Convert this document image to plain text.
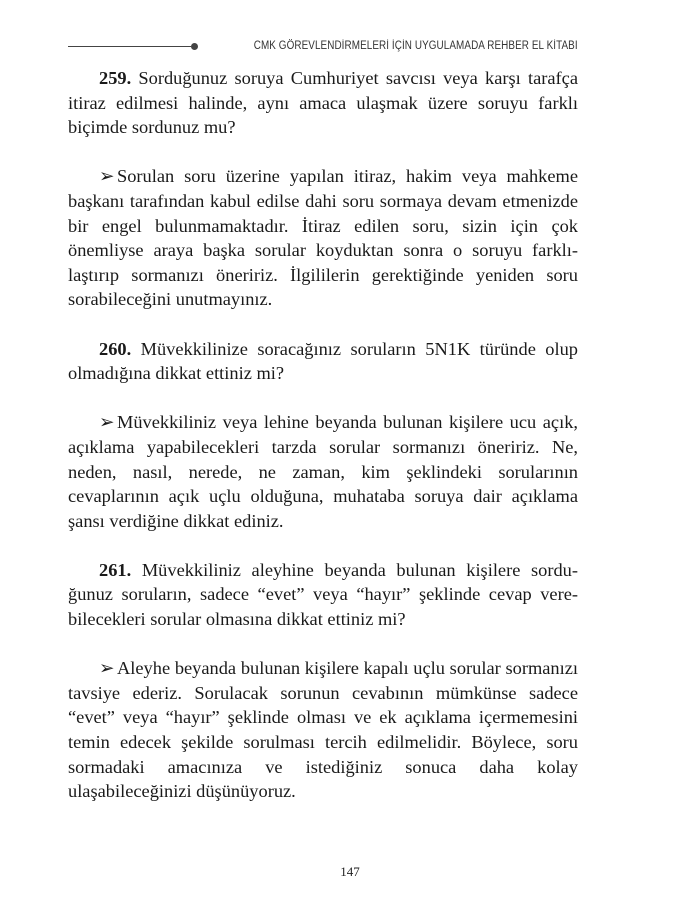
CMK GÖREVLENDİRMELERİ İÇİN UYGULAMADA REHBER EL KİTABI

259. Sorduğunuz soruya Cumhuriyet savcısı veya karşı tarafça itiraz edilmesi halinde, aynı amaca ulaşmak üzere soruyu farklı biçimde sordunuz mu?

➢ Sorulan soru üzerine yapılan itiraz, hakim veya mahkeme başkanı tarafından kabul edilse dahi soru sormaya devam etmenizde bir engel bulunmamaktadır. İtiraz edilen soru, sizin için çok önemliyse araya başka sorular koyduktan sonra o soruyu farklılaştırıp sormanızı öneririz. İlgililerin gerektiğinde yeniden soru sorabileceğini unutmayınız.

260. Müvekkilinize soracağınız soruların 5N1K türünde olup olmadığına dikkat ettiniz mi?

➢ Müvekkiliniz veya lehine beyanda bulunan kişilere ucu açık, açıklama yapabilecekleri tarzda sorular sormanızı öneririz. Ne, neden, nasıl, nerede, ne zaman, kim şeklindeki sorularının cevaplarının açık uçlu olduğuna, muhataba soruya dair açıklama şansı verdiğine dikkat ediniz.

261. Müvekkiliniz aleyhine beyanda bulunan kişilere sorduğunuz soruların, sadece “evet” veya “hayır” şeklinde cevap verebilecekleri sorular olmasına dikkat ettiniz mi?

➢ Aleyhe beyanda bulunan kişilere kapalı uçlu sorular sormanızı tavsiye ederiz. Sorulacak sorunun cevabının mümkünse sadece “evet” veya “hayır” şeklinde olması ve ek açıklama içermemesini temin edecek şekilde sorulması tercih edilmelidir. Böylece, soru sormadaki amacınıza ve istediğiniz sonuca daha kolay ulaşabileceğinizi düşünüyoruz.

147
